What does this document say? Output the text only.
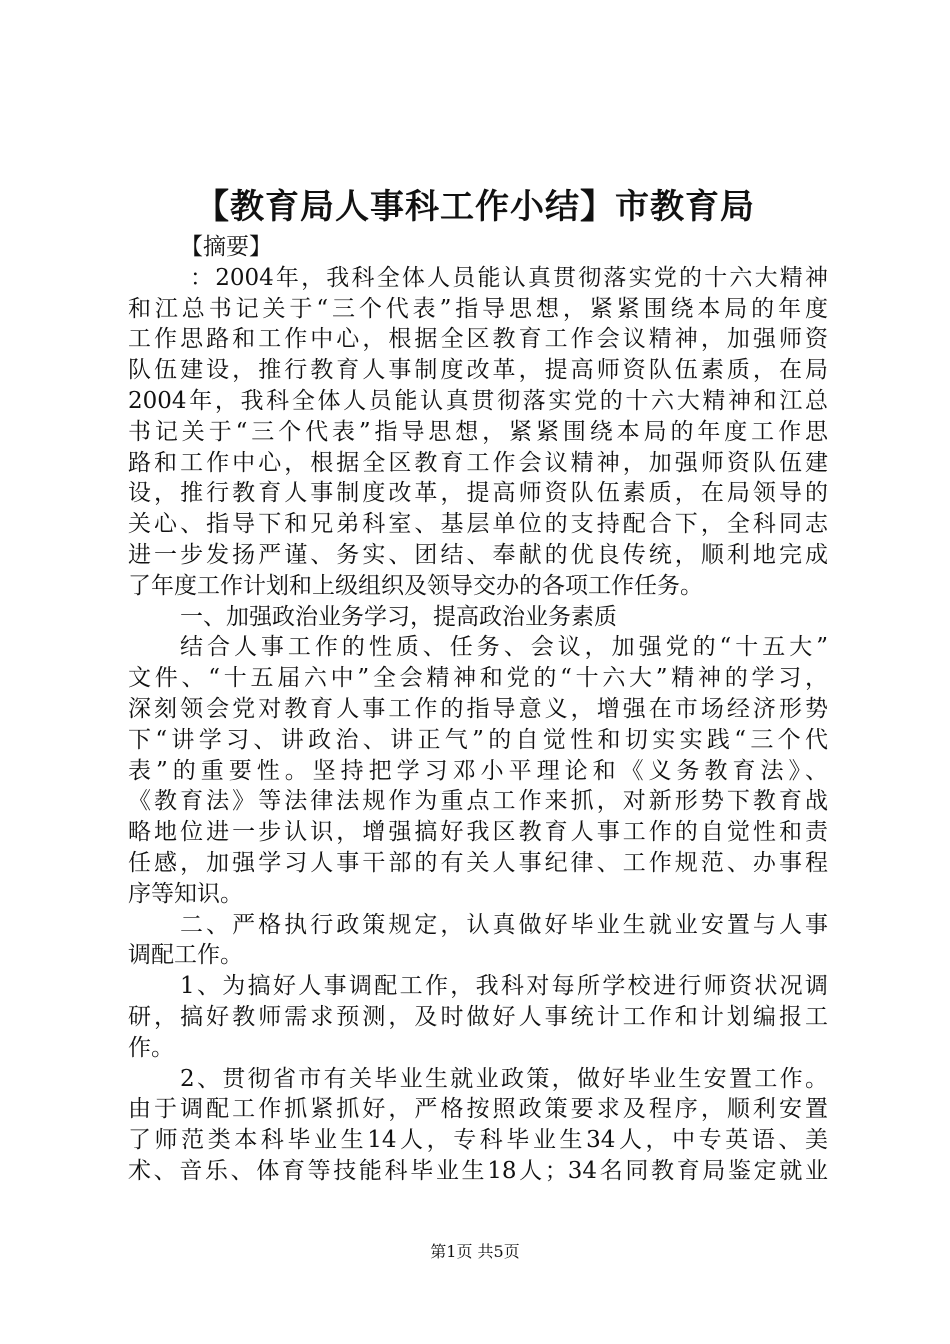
【教育局人事科工作小结】市教育局
【摘要】
：2004年，我科全体人员能认真贯彻落实党的十六大精神
和江总书记关于“三个代表”指导思想，紧紧围绕本局的年度
工作思路和工作中心，根据全区教育工作会议精神，加强师资
队伍建设，推行教育人事制度改革，提高师资队伍素质，在局
2004年，我科全体人员能认真贯彻落实党的十六大精神和江总
书记关于“三个代表”指导思想，紧紧围绕本局的年度工作思
路和工作中心，根据全区教育工作会议精神，加强师资队伍建
设，推行教育人事制度改革，提高师资队伍素质，在局领导的
关心、指导下和兄弟科室、基层单位的支持配合下，全科同志
进一步发扬严谨、务实、团结、奉献的优良传统，顺利地完成
了年度工作计划和上级组织及领导交办的各项工作任务。
一、加强政治业务学习，提高政治业务素质
结合人事工作的性质、任务、会议，加强党的“十五大”
文件、“十五届六中”全会精神和党的“十六大”精神的学习，
深刻领会党对教育人事工作的指导意义，增强在市场经济形势
下“讲学习、讲政治、讲正气”的自觉性和切实实践“三个代
表”的重要性。坚持把学习邓小平理论和《义务教育法》、
《教育法》等法律法规作为重点工作来抓，对新形势下教育战
略地位进一步认识，增强搞好我区教育人事工作的自觉性和责
任感，加强学习人事干部的有关人事纪律、工作规范、办事程
序等知识。
二、严格执行政策规定，认真做好毕业生就业安置与人事
调配工作。
1、为搞好人事调配工作，我科对每所学校进行师资状况调
研，搞好教师需求预测，及时做好人事统计工作和计划编报工
作。
2、贯彻省市有关毕业生就业政策，做好毕业生安置工作。
由于调配工作抓紧抓好，严格按照政策要求及程序，顺利安置
了师范类本科毕业生14人，专科毕业生34人，中专英语、美
术、音乐、体育等技能科毕业生18人；34名同教育局鉴定就业
第1页 共5页
